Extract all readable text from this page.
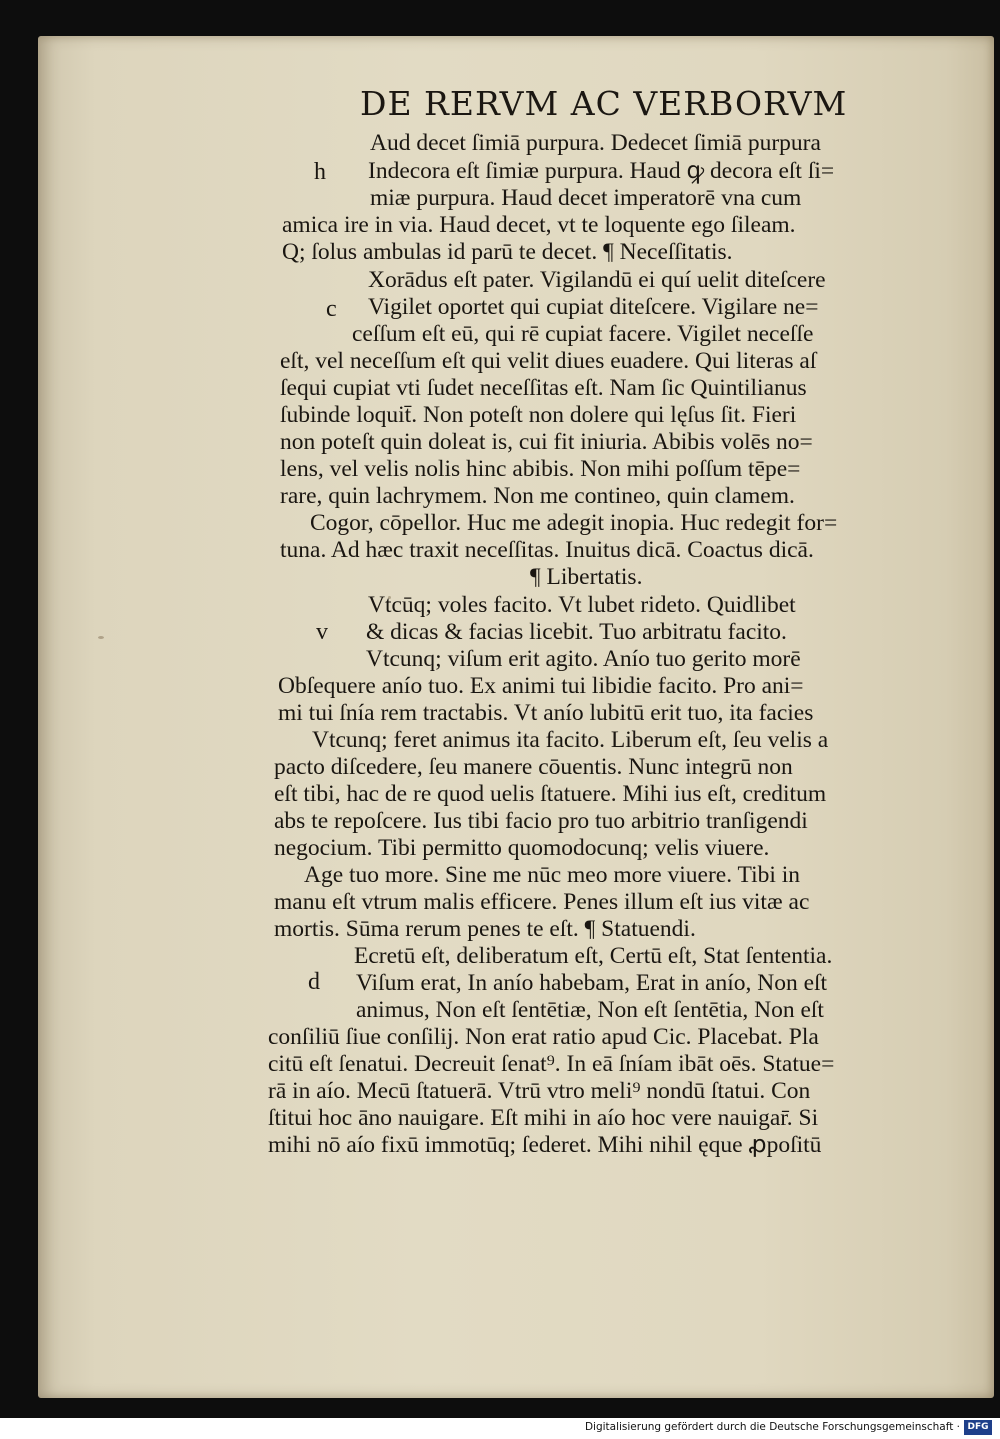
DE RERVM AC VERBORVM
h
c
v
d
Aud decet ſimiā purpura. Dedecet ſimiā purpura
Indecora eſt ſimiæ purpura. Haud ꝙ decora eſt ſi=
miæ purpura. Haud decet imperatorē vna cum
amica ire in via. Haud decet, vt te loquente ego ſileam.
Q; ſolus ambulas id parū te decet. ¶ Neceſſitatis.
Xorādus eſt pater. Vigilandū ei quí uelit diteſcere
Vigilet oportet qui cupiat diteſcere. Vigilare ne=
ceſſum eſt eū, qui rē cupiat facere. Vigilet neceſſe
eſt, vel neceſſum eſt qui velit diues euadere. Qui literas aſ
ſequi cupiat vti ſudet neceſſitas eſt. Nam ſic Quintilianus
ſubinde loquit̄. Non poteſt non dolere qui lęſus ſit. Fieri
non poteſt quin doleat is, cui fit iniuria. Abibis volēs no=
lens, vel velis nolis hinc abibis. Non mihi poſſum tēpe=
rare, quin lachrymem. Non me contineo, quin clamem.
Cogor, cōpellor. Huc me adegit inopia. Huc redegit for=
tuna. Ad hæc traxit neceſſitas. Inuitus dicā. Coactus dicā.
¶ Libertatis.
Vtcūq; voles facito. Vt lubet rideto. Quidlibet
& dicas & facias licebit. Tuo arbitratu facito.
Vtcunq; viſum erit agito. Anío tuo gerito morē
Obſequere anío tuo. Ex animi tui libidie facito. Pro ani=
mi tui ſnía rem tractabis. Vt anío lubitū erit tuo, ita facies
Vtcunq; feret animus ita facito. Liberum eſt, ſeu velis a
pacto diſcedere, ſeu manere cōuentis. Nunc integrū non
eſt tibi, hac de re quod uelis ſtatuere. Mihi ius eſt, creditum
abs te repoſcere. Ius tibi facio pro tuo arbitrio tranſigendi
negocium. Tibi permitto quomodocunq; velis viuere.
Age tuo more. Sine me nūc meo more viuere. Tibi in
manu eſt vtrum malis efficere. Penes illum eſt ius vitæ ac
mortis. Sūma rerum penes te eſt. ¶ Statuendi.
Ecretū eſt, deliberatum eſt, Certū eſt, Stat ſententia.
Viſum erat, In anío habebam, Erat in anío, Non eſt
animus, Non eſt ſentētiæ, Non eſt ſentētia, Non eſt
conſiliū ſiue conſilij. Non erat ratio apud Cic. Placebat. Pla
citū eſt ſenatui. Decreuit ſenat⁹. In eā ſníam ibāt oēs. Statue=
rā in aío. Mecū ſtatuerā. Vtrū vtro meli⁹ nondū ſtatui. Con
ſtitui hoc āno nauigare. Eſt mihi in aío hoc vere nauigar̄. Si
mihi nō aío fixū immotūq; ſederet. Mihi nihil ęque ꝓpoſitū
Digitalisierung gefördert durch die Deutsche Forschungsgemeinschaft · DFG
